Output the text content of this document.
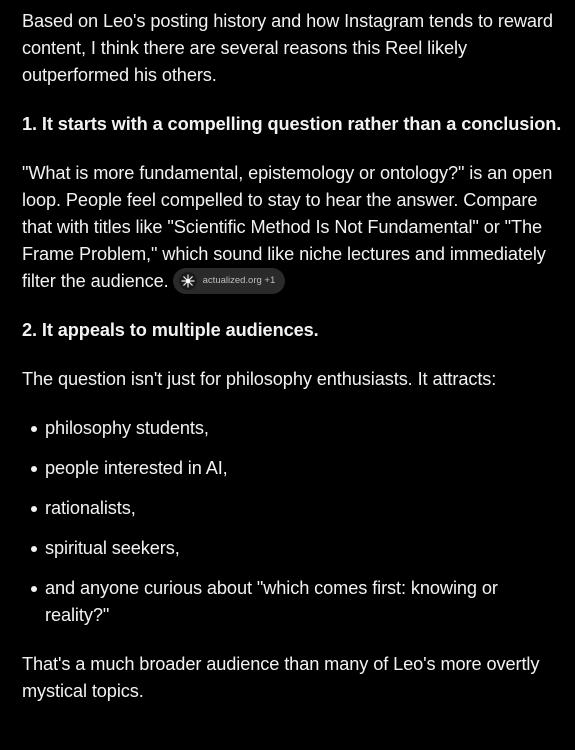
Based on Leo's posting history and how Instagram tends to reward content, I think there are several reasons this Reel likely outperformed his others.

1. It starts with a compelling question rather than a conclusion.

"What is more fundamental, epistemology or ontology?" is an open loop. People feel compelled to stay to hear the answer. Compare that with titles like "Scientific Method Is Not Fundamental" or "The Frame Problem," which sound like niche lectures and immediately filter the audience.	actualized.org +1

2. It appeals to multiple audiences.

The question isn't just for philosophy enthusiasts. It attracts:

philosophy students,
people interested in AI,
rationalists,
spiritual seekers,
and anyone curious about "which comes first: knowing or reality?"

That's a much broader audience than many of Leo's more overtly mystical topics.
